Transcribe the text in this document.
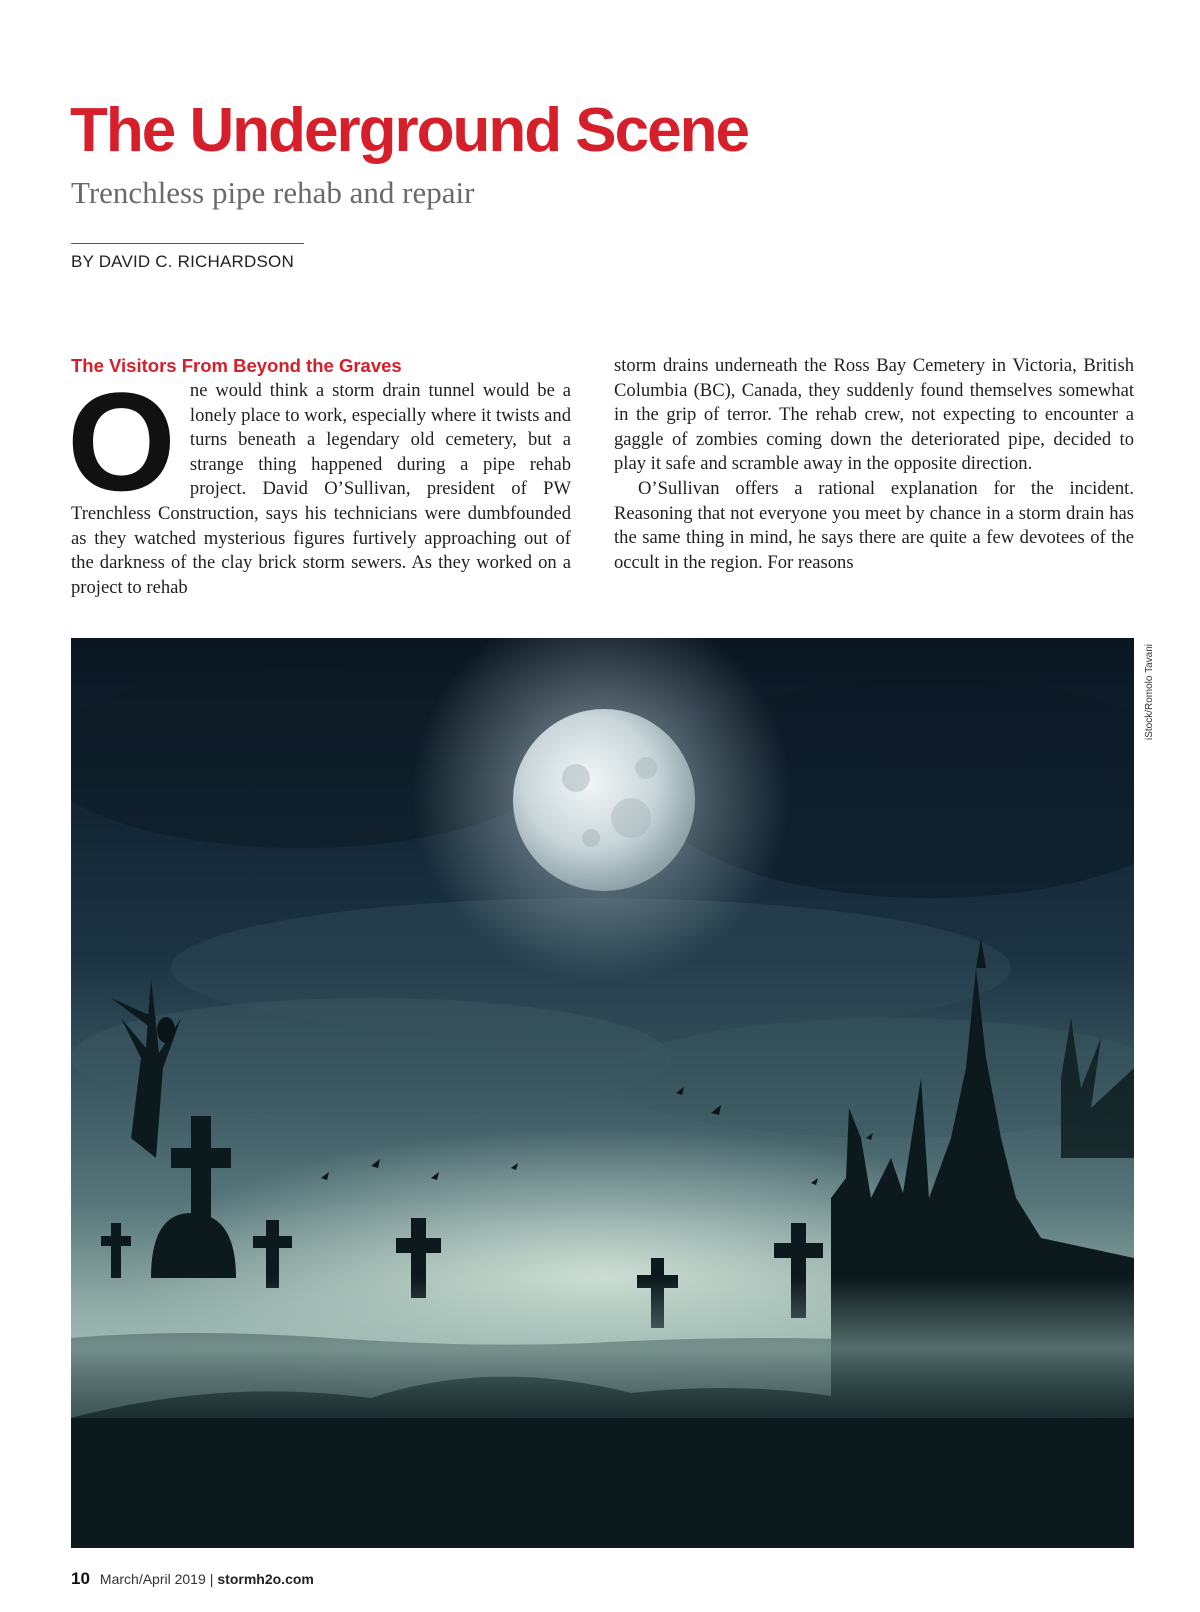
The Underground Scene
Trenchless pipe rehab and repair
BY DAVID C. RICHARDSON
The Visitors From Beyond the Graves

One would think a storm drain tunnel would be a lonely place to work, especially where it twists and turns beneath a legendary old cemetery, but a strange thing happened during a pipe rehab project. David O’Sullivan, president of PW Trenchless Construction, says his technicians were dumbfounded as they watched mysterious figures furtively approaching out of the darkness of the clay brick storm sewers. As they worked on a project to rehab

storm drains underneath the Ross Bay Cemetery in Victoria, British Columbia (BC), Canada, they suddenly found themselves somewhat in the grip of terror. The rehab crew, not expecting to encounter a gaggle of zombies coming down the deteriorated pipe, decided to play it safe and scramble away in the opposite direction.

O’Sullivan offers a rational explanation for the incident. Reasoning that not everyone you meet by chance in a storm drain has the same thing in mind, he says there are quite a few devotees of the occult in the region. For reasons

iStock/Romolo Tavani
10 March/April 2019 | stormh2o.com
